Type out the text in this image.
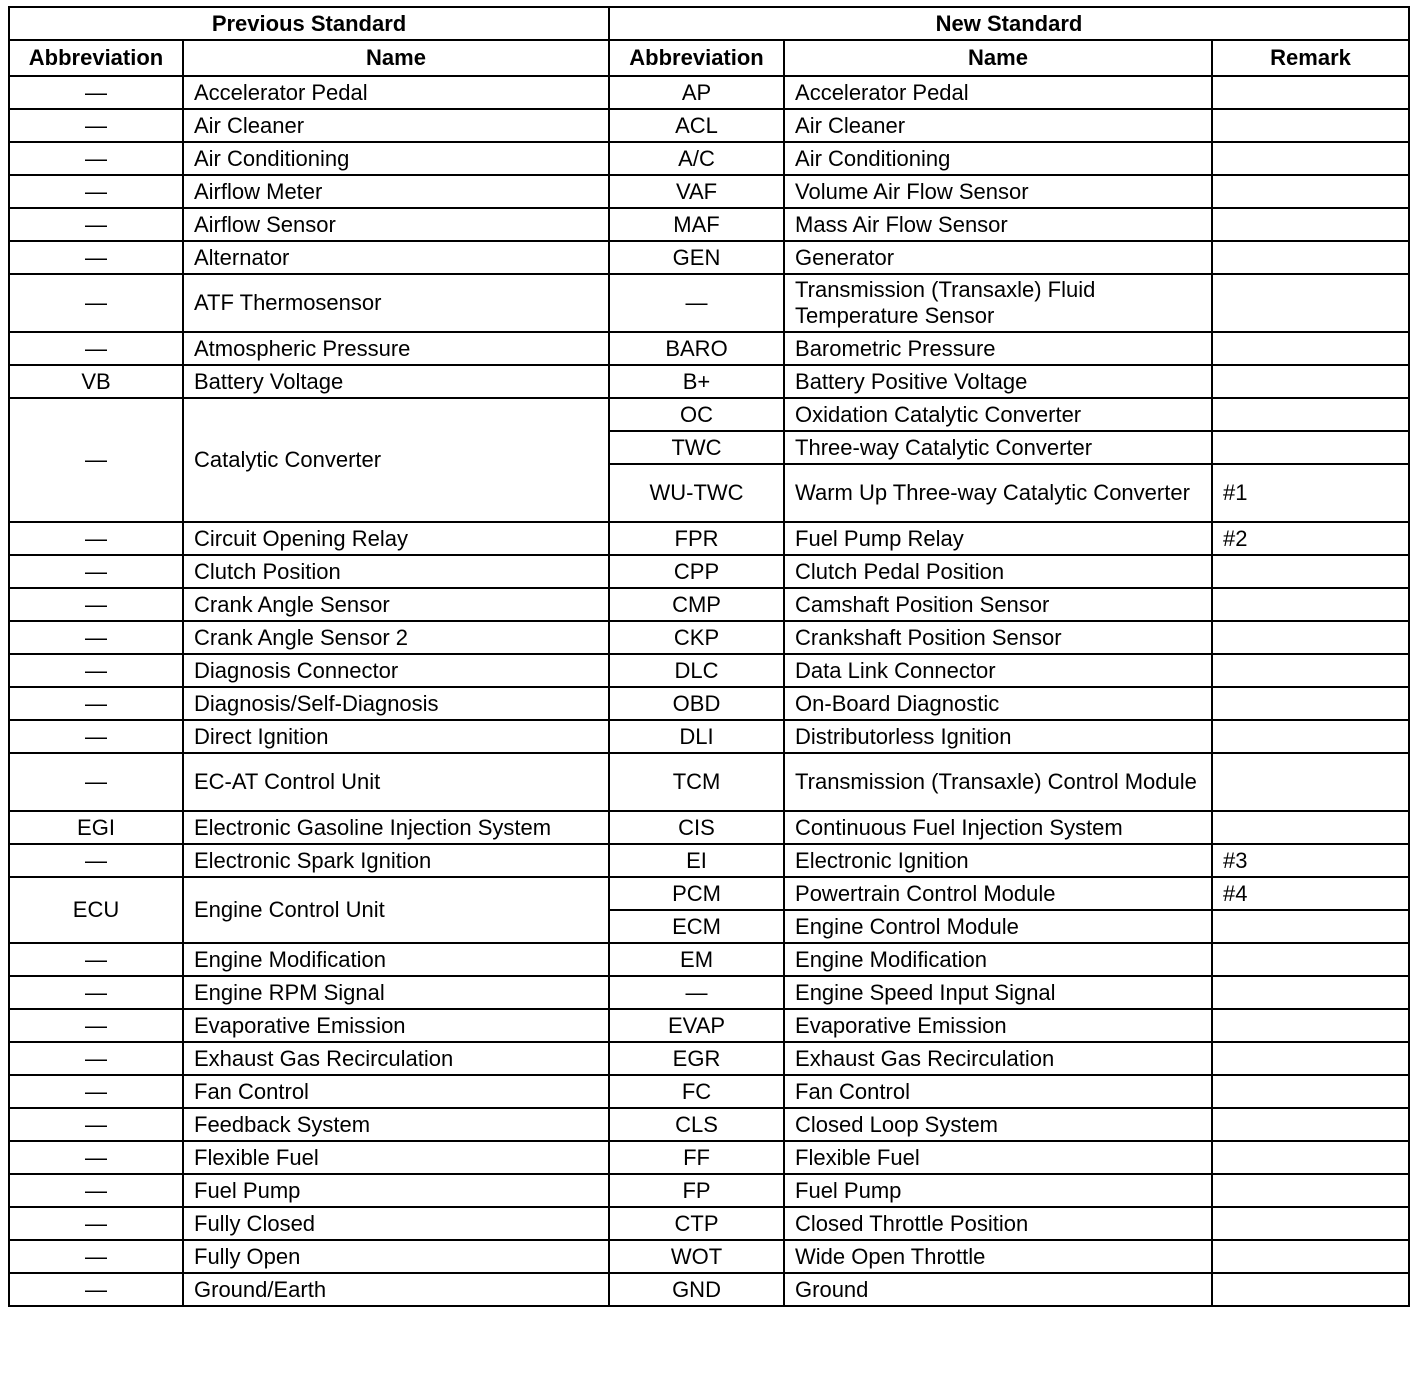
Previous Standard		New Standard		
Abbreviation	Name	Abbreviation	Name	Remark
—	Accelerator Pedal	AP	Accelerator Pedal	
—	Air Cleaner	ACL	Air Cleaner	
—	Air Conditioning	A/C	Air Conditioning	
—	Airflow Meter	VAF	Volume Air Flow Sensor	
—	Airflow Sensor	MAF	Mass Air Flow Sensor	
—	Alternator	GEN	Generator	
—	ATF Thermosensor	—	Transmission (Transaxle) Fluid Temperature Sensor	
—	Atmospheric Pressure	BARO	Barometric Pressure	
VB	Battery Voltage	B+	Battery Positive Voltage	
—	Catalytic Converter	OC	Oxidation Catalytic Converter	
		TWC	Three-way Catalytic Converter	
		WU-TWC	Warm Up Three-way Catalytic Converter	#1
—	Circuit Opening Relay	FPR	Fuel Pump Relay	#2
—	Clutch Position	CPP	Clutch Pedal Position	
—	Crank Angle Sensor	CMP	Camshaft Position Sensor	
—	Crank Angle Sensor 2	CKP	Crankshaft Position Sensor	
—	Diagnosis Connector	DLC	Data Link Connector	
—	Diagnosis/Self-Diagnosis	OBD	On-Board Diagnostic	
—	Direct Ignition	DLI	Distributorless Ignition	
—	EC-AT Control Unit	TCM	Transmission (Transaxle) Control Module	
EGI	Electronic Gasoline Injection System	CIS	Continuous Fuel Injection System	
—	Electronic Spark Ignition	EI	Electronic Ignition	#3
ECU	Engine Control Unit	PCM	Powertrain Control Module	#4
		ECM	Engine Control Module	
—	Engine Modification	EM	Engine Modification	
—	Engine RPM Signal	—	Engine Speed Input Signal	
—	Evaporative Emission	EVAP	Evaporative Emission	
—	Exhaust Gas Recirculation	EGR	Exhaust Gas Recirculation	
—	Fan Control	FC	Fan Control	
—	Feedback System	CLS	Closed Loop System	
—	Flexible Fuel	FF	Flexible Fuel	
—	Fuel Pump	FP	Fuel Pump	
—	Fully Closed	CTP	Closed Throttle Position	
—	Fully Open	WOT	Wide Open Throttle	
—	Ground/Earth	GND	Ground	
